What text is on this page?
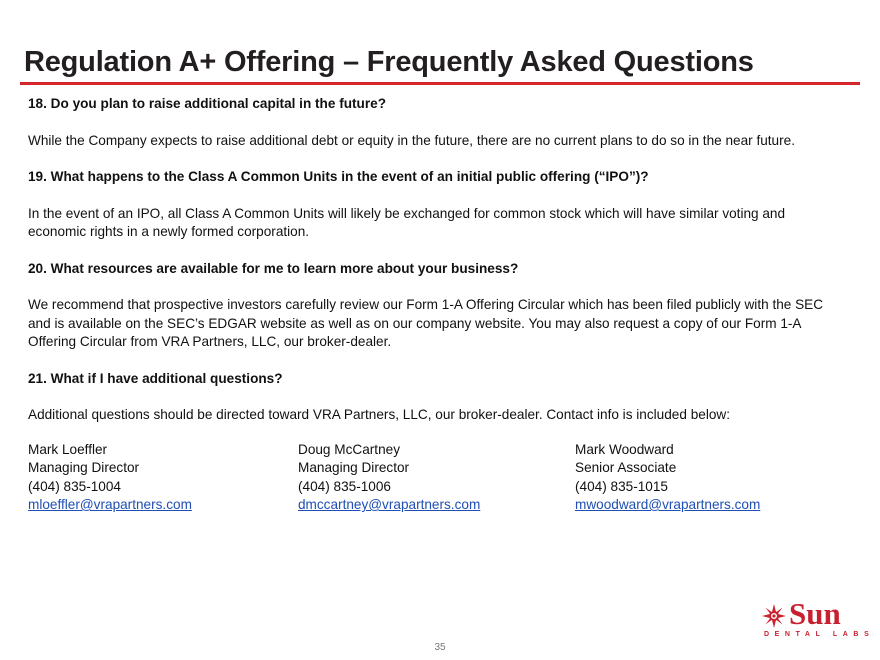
Regulation A+ Offering – Frequently Asked Questions

18. Do you plan to raise additional capital in the future?

While the Company expects to raise additional debt or equity in the future, there are no current plans to do so in the near future.

19. What happens to the Class A Common Units in the event of an initial public offering (“IPO”)?

In the event of an IPO, all Class A Common Units will likely be exchanged for common stock which will have similar voting and economic rights in a newly formed corporation.

20. What resources are available for me to learn more about your business?

We recommend that prospective investors carefully review our Form 1-A Offering Circular which has been filed publicly with the SEC and is available on the SEC’s EDGAR website as well as on our company website. You may also request a copy of our Form 1-A Offering Circular from VRA Partners, LLC, our broker-dealer.

21. What if I have additional questions?

Additional questions should be directed toward VRA Partners, LLC, our broker-dealer. Contact info is included below:

Mark Loeffler
Managing Director
(404) 835-1004
mloeffler@vrapartners.com
Doug McCartney
Managing Director
(404) 835-1006
dmccartney@vrapartners.com
Mark Woodward
Senior Associate
(404) 835-1015
mwoodward@vrapartners.com
Sun
DENTAL LABS
35
